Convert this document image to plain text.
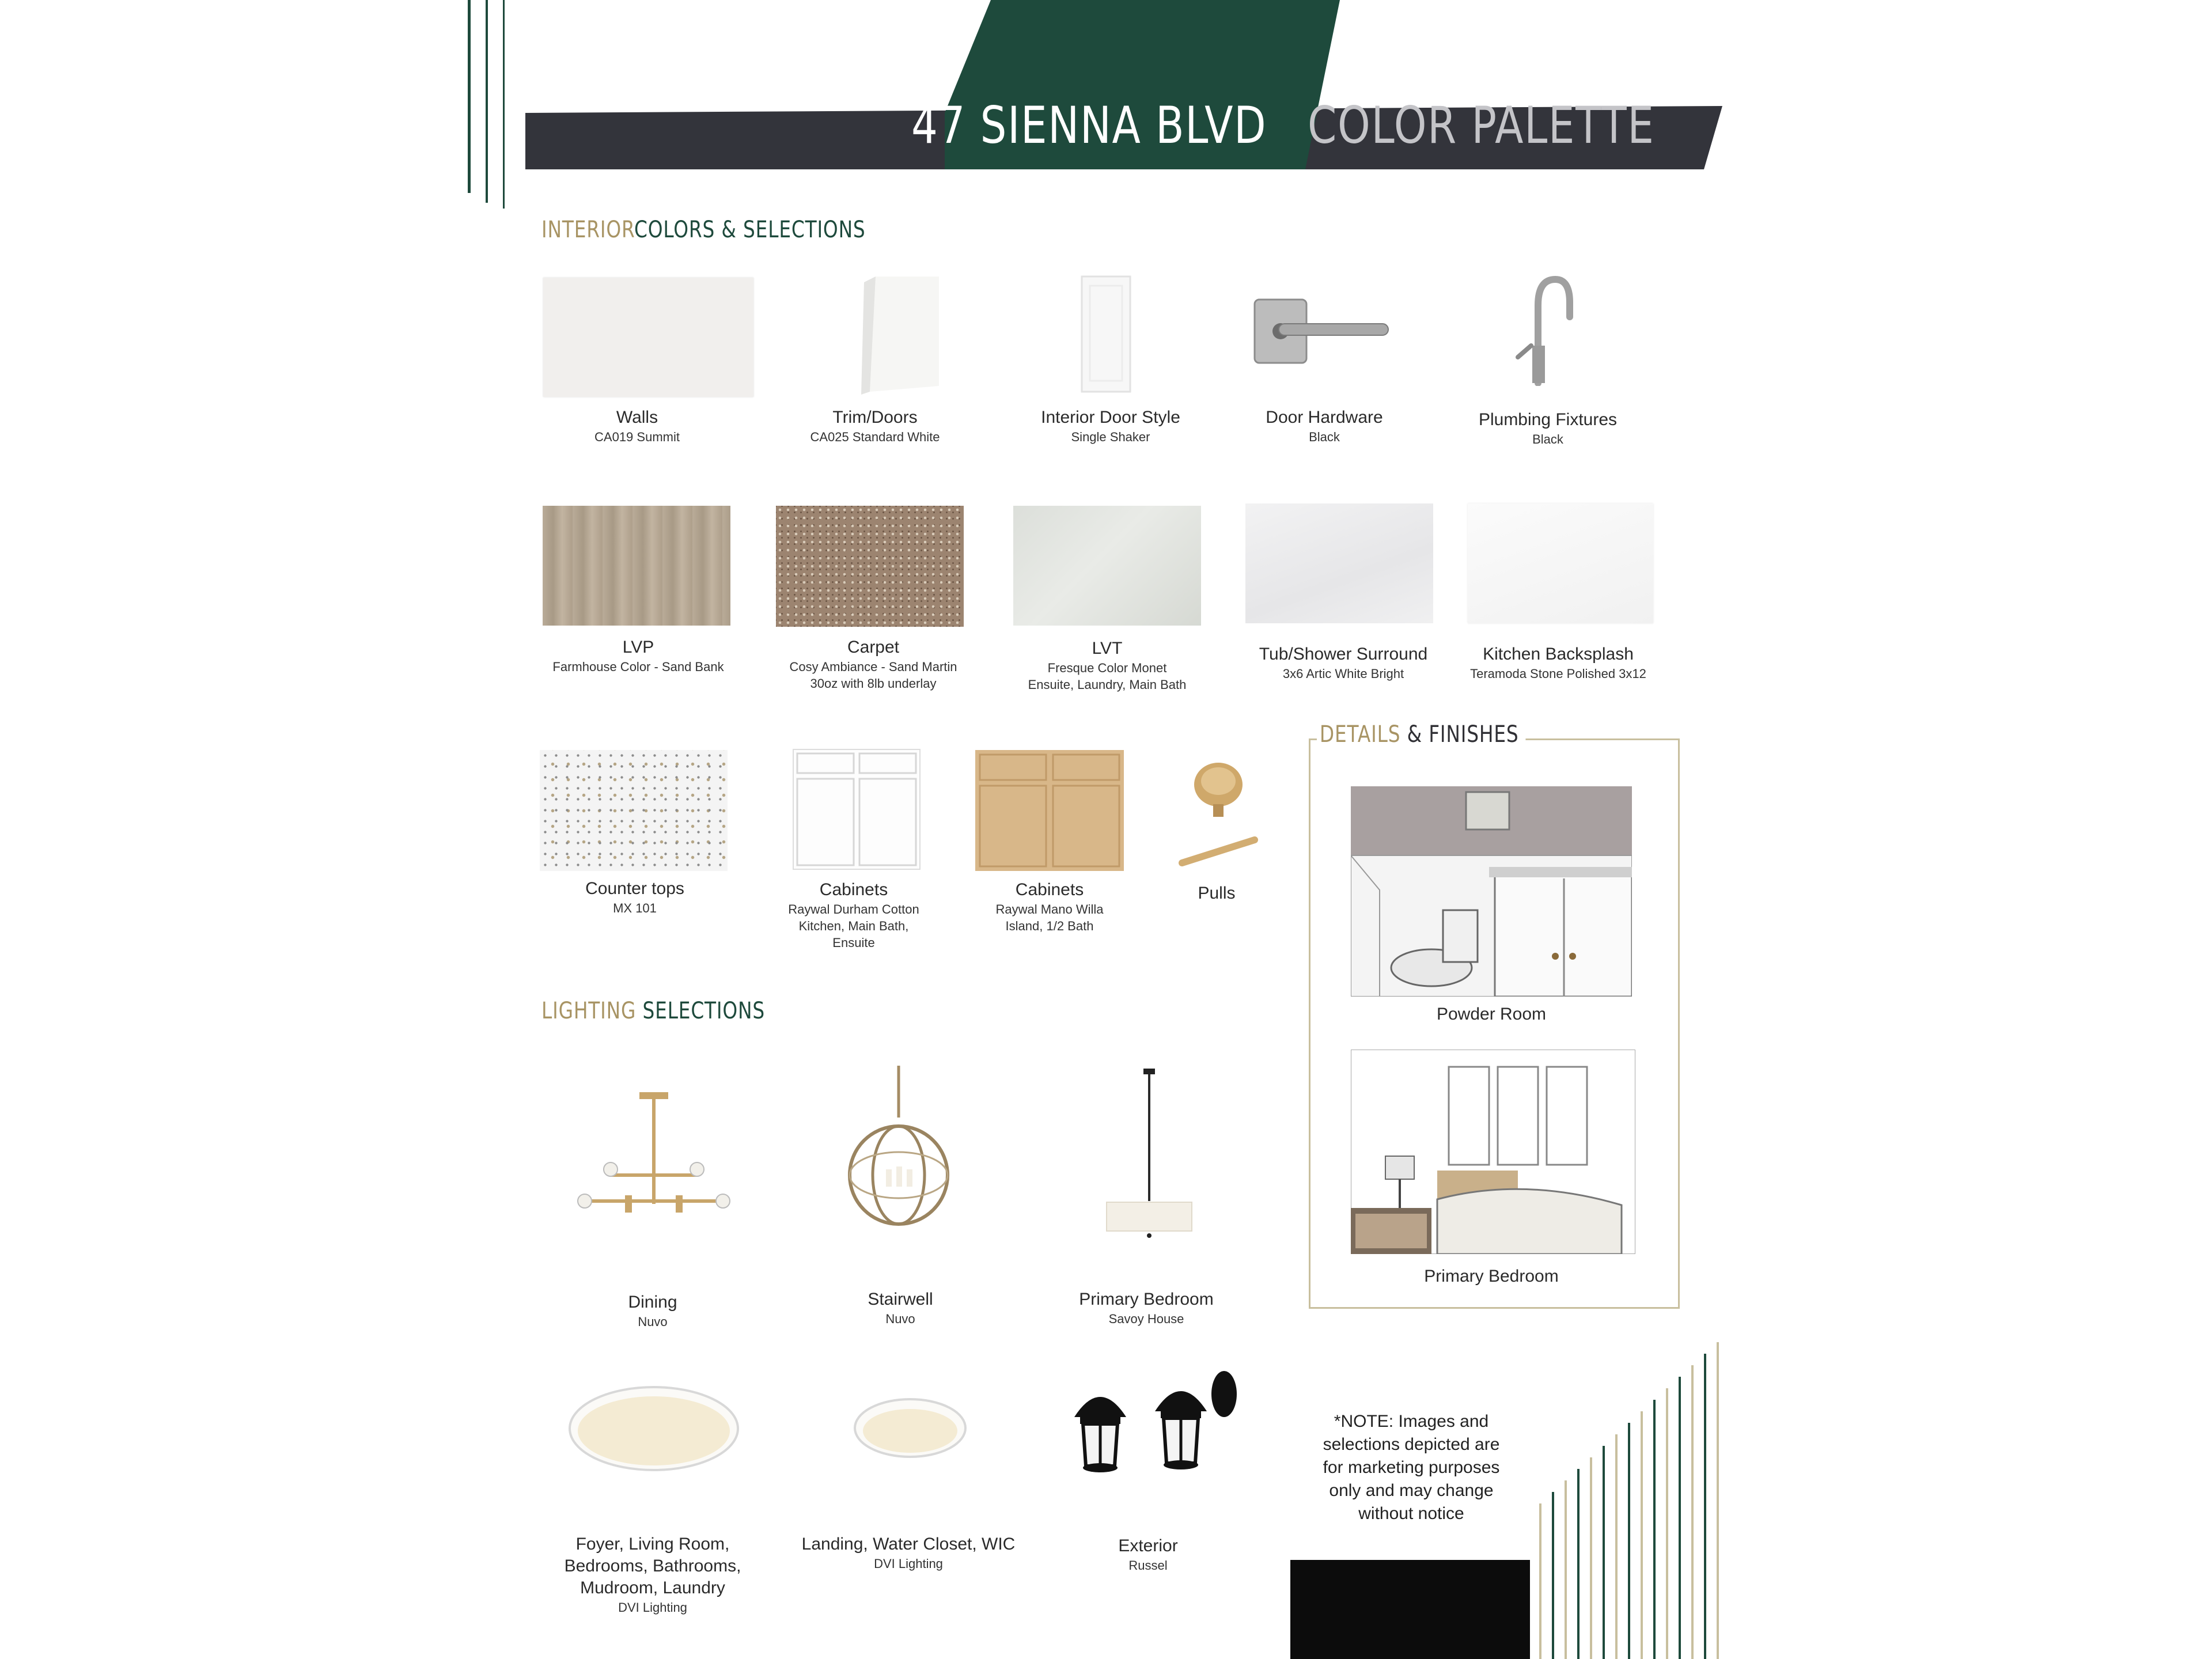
47 SIENNA BLVD COLOR PALETTE
INTERIORCOLORS & SELECTIONS
Walls
CA019 Summit
Trim/Doors
CA025 Standard White
Interior Door Style
Single Shaker
Door Hardware
Black
Plumbing Fixtures
Black
LVP
Farmhouse Color - Sand Bank
Carpet
Cosy Ambiance - Sand Martin
30oz with 8lb underlay
LVT
Fresque Color Monet
Ensuite, Laundry, Main Bath
Tub/Shower Surround
3x6 Artic White Bright
Kitchen Backsplash
Teramoda Stone Polished 3x12
Counter tops
MX 101
Cabinets
Raywal Durham Cotton
Kitchen, Main Bath,
Ensuite
Cabinets
Raywal Mano Willa
Island, 1/2 Bath
Pulls
DETAILS & FINISHES
Powder Room
Primary Bedroom
LIGHTING SELECTIONS
Dining
Nuvo
Stairwell
Nuvo
Primary Bedroom
Savoy House
Foyer, Living Room,
Bedrooms, Bathrooms,
Mudroom, Laundry
DVI Lighting
Landing, Water Closet, WIC
DVI Lighting
Exterior
Russel
*NOTE: Images and
selections depicted are
for marketing purposes
only and may change
without notice
